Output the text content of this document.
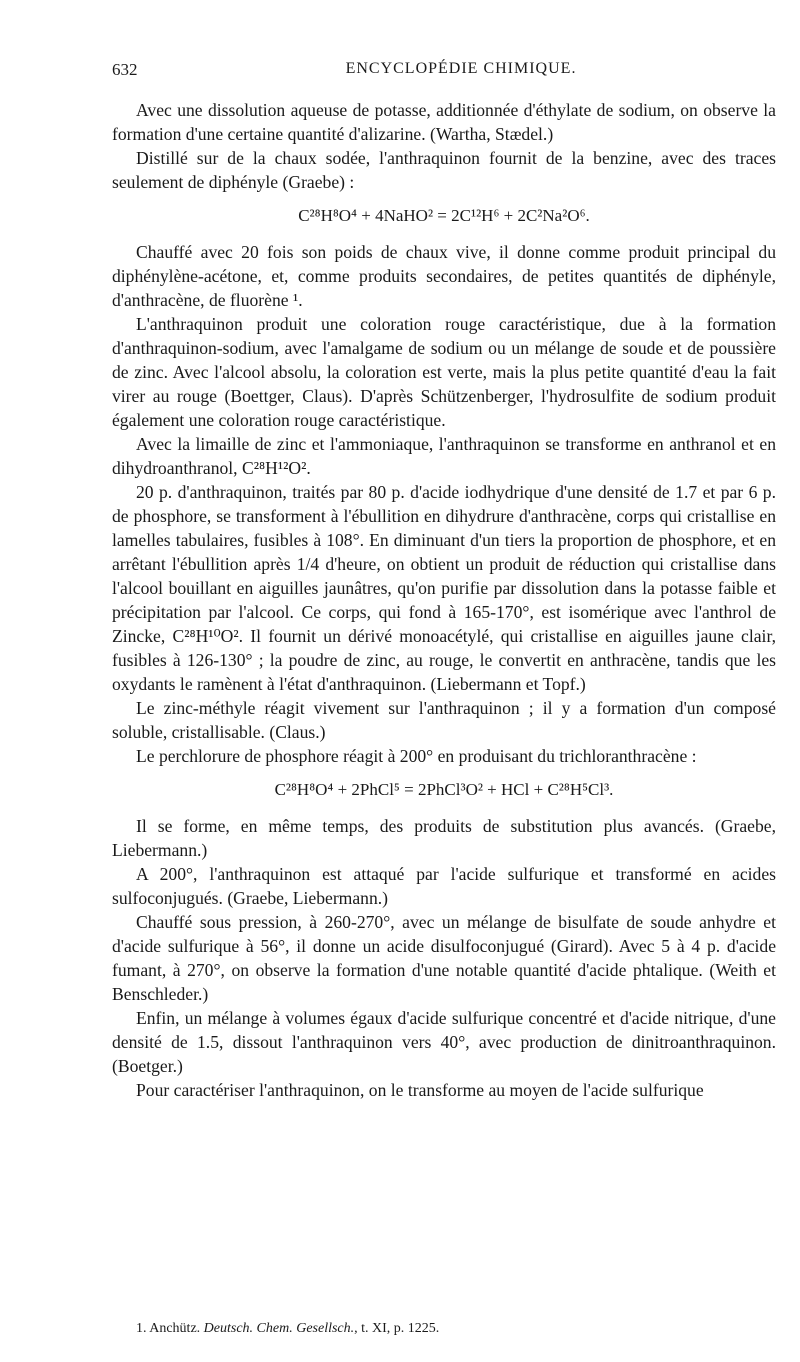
632	ENCYCLOPÉDIE CHIMIQUE.

Avec une dissolution aqueuse de potasse, additionnée d'éthylate de sodium, on observe la formation d'une certaine quantité d'alizarine. (Wartha, Stædel.)

Distillé sur de la chaux sodée, l'anthraquinon fournit de la benzine, avec des traces seulement de diphényle (Graebe) :

C²⁸H⁸O⁴ + 4NaHO² = 2C¹²H⁶ + 2C²Na²O⁶.

Chauffé avec 20 fois son poids de chaux vive, il donne comme produit principal du diphénylène-acétone, et, comme produits secondaires, de petites quantités de diphényle, d'anthracène, de fluorène ¹.

L'anthraquinon produit une coloration rouge caractéristique, due à la formation d'anthraquinon-sodium, avec l'amalgame de sodium ou un mélange de soude et de poussière de zinc. Avec l'alcool absolu, la coloration est verte, mais la plus petite quantité d'eau la fait virer au rouge (Boettger, Claus). D'après Schützenberger, l'hydrosulfite de sodium produit également une coloration rouge caractéristique.

Avec la limaille de zinc et l'ammoniaque, l'anthraquinon se transforme en anthranol et en dihydroanthranol, C²⁸H¹²O².

20 p. d'anthraquinon, traités par 80 p. d'acide iodhydrique d'une densité de 1.7 et par 6 p. de phosphore, se transforment à l'ébullition en dihydrure d'anthracène, corps qui cristallise en lamelles tabulaires, fusibles à 108°. En diminuant d'un tiers la proportion de phosphore, et en arrêtant l'ébullition après 1/4 d'heure, on obtient un produit de réduction qui cristallise dans l'alcool bouillant en aiguilles jaunâtres, qu'on purifie par dissolution dans la potasse faible et précipitation par l'alcool. Ce corps, qui fond à 165-170°, est isomérique avec l'anthrol de Zincke, C²⁸H¹⁰O². Il fournit un dérivé monoacétylé, qui cristallise en aiguilles jaune clair, fusibles à 126-130° ; la poudre de zinc, au rouge, le convertit en anthracène, tandis que les oxydants le ramènent à l'état d'anthraquinon. (Liebermann et Topf.)

Le zinc-méthyle réagit vivement sur l'anthraquinon ; il y a formation d'un composé soluble, cristallisable. (Claus.)

Le perchlorure de phosphore réagit à 200° en produisant du trichloranthracène :

C²⁸H⁸O⁴ + 2PhCl⁵ = 2PhCl³O² + HCl + C²⁸H⁵Cl³.

Il se forme, en même temps, des produits de substitution plus avancés. (Graebe, Liebermann.)

A 200°, l'anthraquinon est attaqué par l'acide sulfurique et transformé en acides sulfoconjugués. (Graebe, Liebermann.)

Chauffé sous pression, à 260-270°, avec un mélange de bisulfate de soude anhydre et d'acide sulfurique à 56°, il donne un acide disulfoconjugué (Girard). Avec 5 à 4 p. d'acide fumant, à 270°, on observe la formation d'une notable quantité d'acide phtalique. (Weith et Benschleder.)

Enfin, un mélange à volumes égaux d'acide sulfurique concentré et d'acide nitrique, d'une densité de 1.5, dissout l'anthraquinon vers 40°, avec production de dinitroanthraquinon. (Boetger.)

Pour caractériser l'anthraquinon, on le transforme au moyen de l'acide sulfurique

1. Anchütz. Deutsch. Chem. Gesellsch., t. XI, p. 1225.
